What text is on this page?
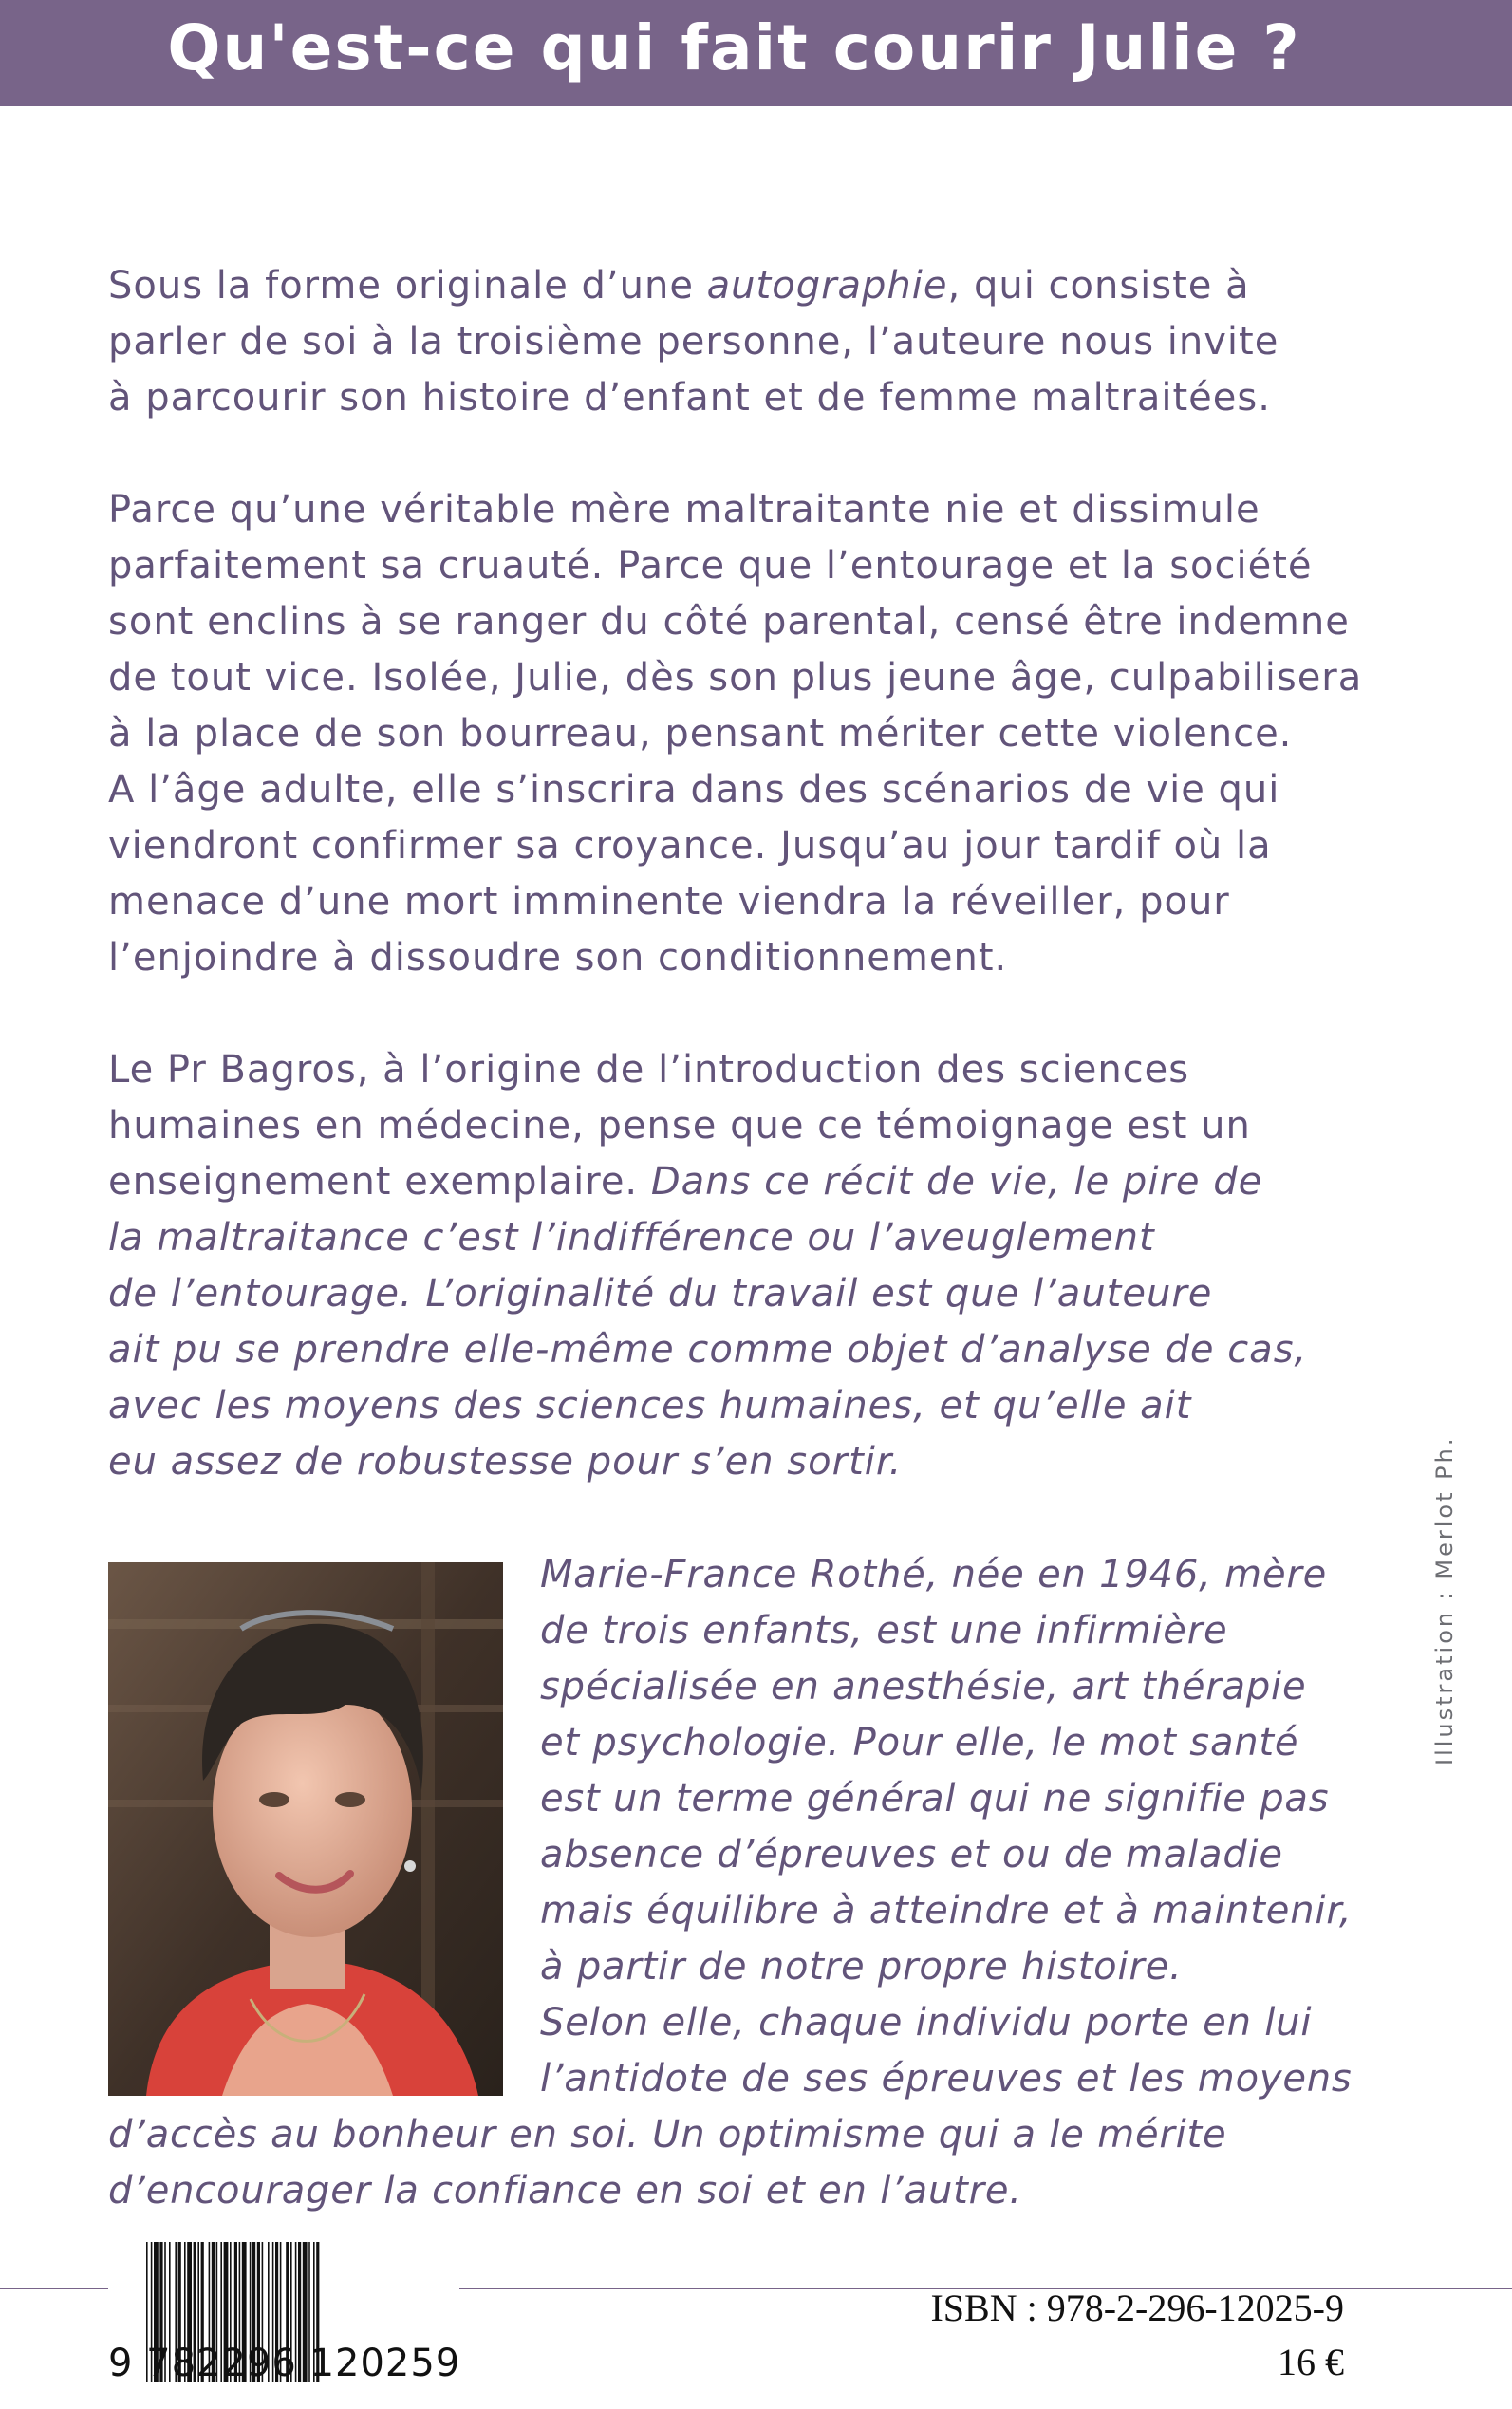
Qu'est-ce qui fait courir Julie ?

Sous la forme originale d’une autographie, qui consiste à
parler de soi à la troisième personne, l’auteure nous invite
à parcourir son histoire d’enfant et de femme maltraitées.

Parce qu’une véritable mère maltraitante nie et dissimule
parfaitement sa cruauté. Parce que l’entourage et la société
sont enclins à se ranger du côté parental, censé être indemne
de tout vice. Isolée, Julie, dès son plus jeune âge, culpabilisera
à la place de son bourreau, pensant mériter cette violence.
A l’âge adulte, elle s’inscrira dans des scénarios de vie qui
viendront confirmer sa croyance. Jusqu’au jour tardif où la
menace d’une mort imminente viendra la réveiller, pour
l’enjoindre à dissoudre son conditionnement.

Le Pr Bagros, à l’origine de l’introduction des sciences
humaines en médecine, pense que ce témoignage est un
enseignement exemplaire. Dans ce récit de vie, le pire de
la maltraitance c’est l’indifférence ou l’aveuglement
de l’entourage. L’originalité du travail est que l’auteure
ait pu se prendre elle-même comme objet d’analyse de cas,
avec les moyens des sciences humaines, et qu’elle ait
eu assez de robustesse pour s’en sortir.

Marie-France Rothé, née en 1946, mère
de trois enfants, est une infirmière
spécialisée en anesthésie, art thérapie
et psychologie. Pour elle, le mot santé
est un terme général qui ne signifie pas
absence d’épreuves et ou de maladie
mais équilibre à atteindre et à maintenir,
à partir de notre propre histoire.
Selon elle, chaque individu porte en lui
l’antidote de ses épreuves et les moyens
d’accès au bonheur en soi. Un optimisme qui a le mérite
d’encourager la confiance en soi et en l’autre.

Illustration : Merlot Ph.
9 782296 120259
ISBN : 978-2-296-12025-9
16 €
